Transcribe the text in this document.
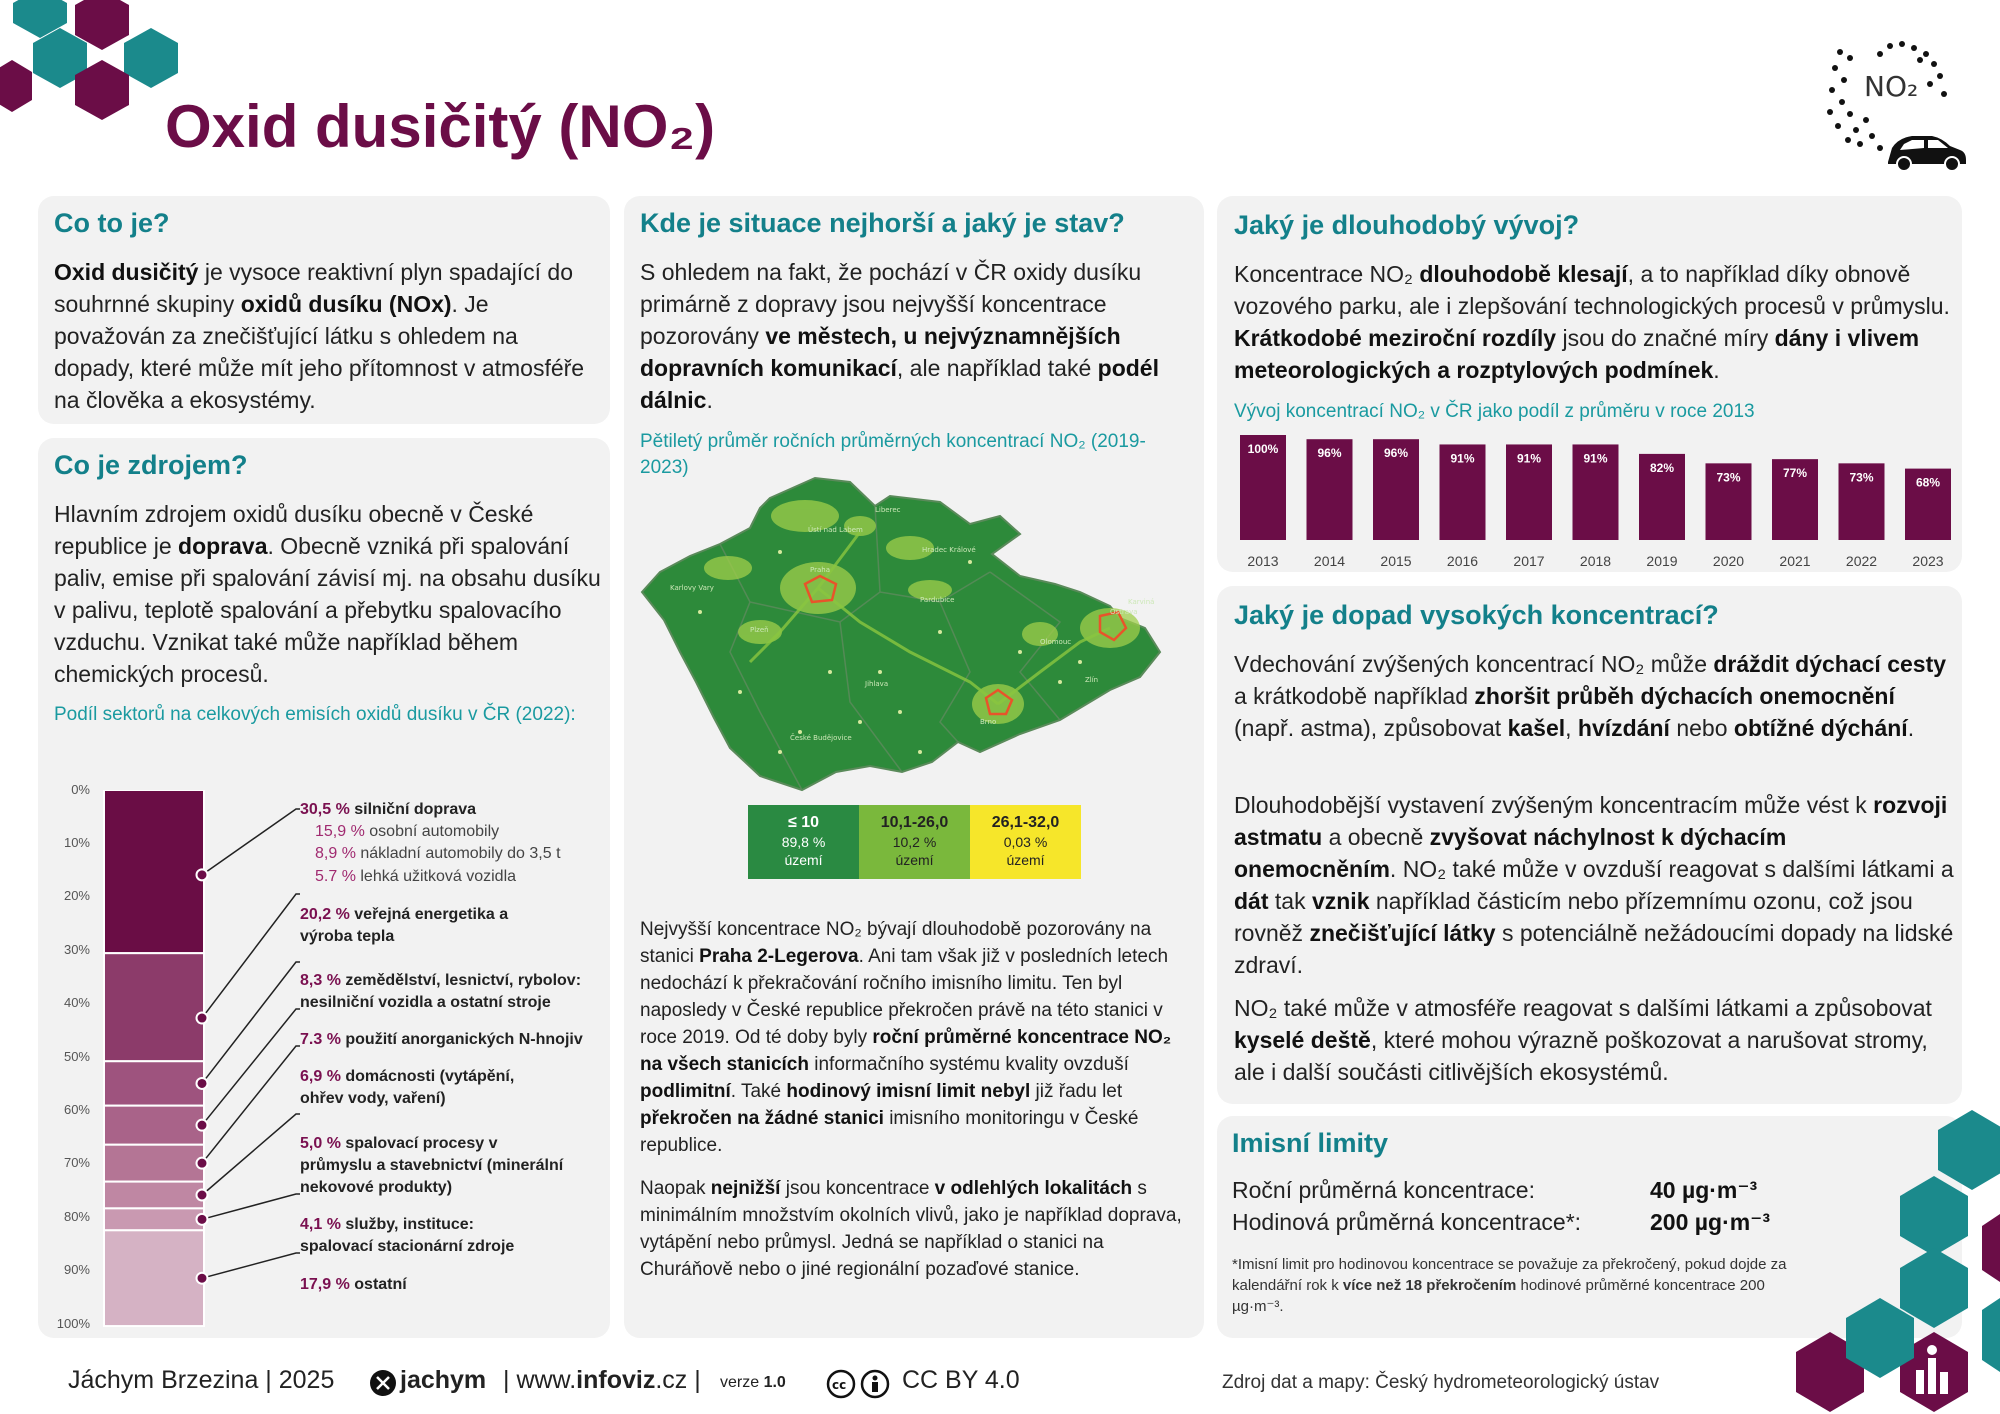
Oxid dusičitý (NO₂)
NO₂
Co to je?
Oxid dusičitý je vysoce reaktivní plyn spadající do souhrnné skupiny oxidů dusíku (NOx). Je považován za znečišťující látku s ohledem na dopady, které může mít jeho přítomnost v atmosféře na člověka a ekosystémy.
Co je zdrojem?
Hlavním zdrojem oxidů dusíku obecně v České republice je doprava. Obecně vzniká při spalování paliv, emise při spalování závisí mj. na obsahu dusíku v palivu, teplotě spalování a přebytku spalovacího vzduchu. Vznikat také může například během chemických procesů.
Podíl sektorů na celkových emisích oxidů dusíku v ČR (2022):
0%
10%
20%
30%
40%
50%
60%
70%
80%
90%
100%
30,5 % silniční doprava
15,9 % osobní automobily
8,9 % nákladní automobily do 3,5 t
5.7 % lehká užitková vozidla
20,2 % veřejná energetika a výroba tepla
8,3 % zemědělství, lesnictví, rybolov: nesilniční vozidla a ostatní stroje
7.3 % použití anorganických N-hnojiv
6,9 % domácnosti (vytápění, ohřev vody, vaření)
5,0 % spalovací procesy v průmyslu a stavebnictví (minerální nekovové produkty)
4,1 % služby, instituce: spalovací stacionární zdroje
17,9 % ostatní
Kde je situace nejhorší a jaký je stav?
S ohledem na fakt, že pochází v ČR oxidy dusíku primárně z dopravy jsou nejvyšší koncentrace pozorovány ve městech, u nejvýznamnějších dopravních komunikací, ale například také podél dálnic.
Pětiletý průměr ročních průměrných koncentrací NO₂ (2019-2023)
Ústí nad Labem
Liberec
Karlovy Vary
Praha
Hradec Králové
Plzeň
Pardubice
Jihlava
Ostrava
Karviná
Olomouc
Brno
Zlín
České Budějovice
≤ 10
89,8 %
území
10,1-26,0
10,2 %
území
26,1-32,0
0,03 %
území
Nejvyšší koncentrace NO₂ bývají dlouhodobě pozorovány na stanici Praha 2-Legerova. Ani tam však již v posledních letech nedochází k překračování ročního imisního limitu. Ten byl naposledy v České republice překročen právě na této stanici v roce 2019. Od té doby byly roční průměrné koncentrace NO₂ na všech stanicích informačního systému kvality ovzduší podlimitní. Také hodinový imisní limit nebyl již řadu let překročen na žádné stanici imisního monitoringu v České republice.
Naopak nejnižší jsou koncentrace v odlehlých lokalitách s minimálním množstvím okolních vlivů, jako je například doprava, vytápění nebo průmysl. Jedná se například o stanici na Churáňově nebo o jiné regionální pozaďové stanice.
Jaký je dlouhodobý vývoj?
Koncentrace NO₂ dlouhodobě klesají, a to například díky obnově vozového parku, ale i zlepšování technologických procesů v průmyslu. Krátkodobé meziroční rozdíly jsou do značné míry dány i vlivem meteorologických a rozptylových podmínek.
Vývoj koncentrací NO₂ v ČR jako podíl z průměru v roce 2013
100%
2013
96%
2014
96%
2015
91%
2016
91%
2017
91%
2018
82%
2019
73%
2020
77%
2021
73%
2022
68%
2023
Jaký je dopad vysokých koncentrací?
Vdechování zvýšených koncentrací NO₂ může dráždit dýchací cesty a krátkodobě například zhoršit průběh dýchacích onemocnění (např. astma), způsobovat kašel, hvízdání nebo obtížné dýchání.
Dlouhodobější vystavení zvýšeným koncentracím může vést k rozvoji astmatu a obecně zvyšovat náchylnost k dýchacím onemocněním. NO₂ také může v ovzduší reagovat s dalšími látkami a dát tak vznik například částicím nebo přízemnímu ozonu, což jsou rovněž znečišťující látky s potenciálně nežádoucími dopady na lidské zdraví.
NO₂ také může v atmosféře reagovat s dalšími látkami a způsobovat kyselé deště, které mohou výrazně poškozovat a narušovat stromy, ale i další součásti citlivějších ekosystémů.
Imisní limity
Roční průměrná koncentrace:	40 µg·m⁻³
Hodinová průměrná koncentrace*:	200 µg·m⁻³
*Imisní limit pro hodinovou koncentrace se považuje za překročený, pokud dojde za kalendářní rok k více než 18 překročením hodinové průměrné koncentrace 200 µg·m⁻³.
Jáchym Brzezina | 2025	jachym | www.infoviz.cz | verze 1.0	cc CC BY 4.0	Zdroj dat a mapy: Český hydrometeorologický ústav
